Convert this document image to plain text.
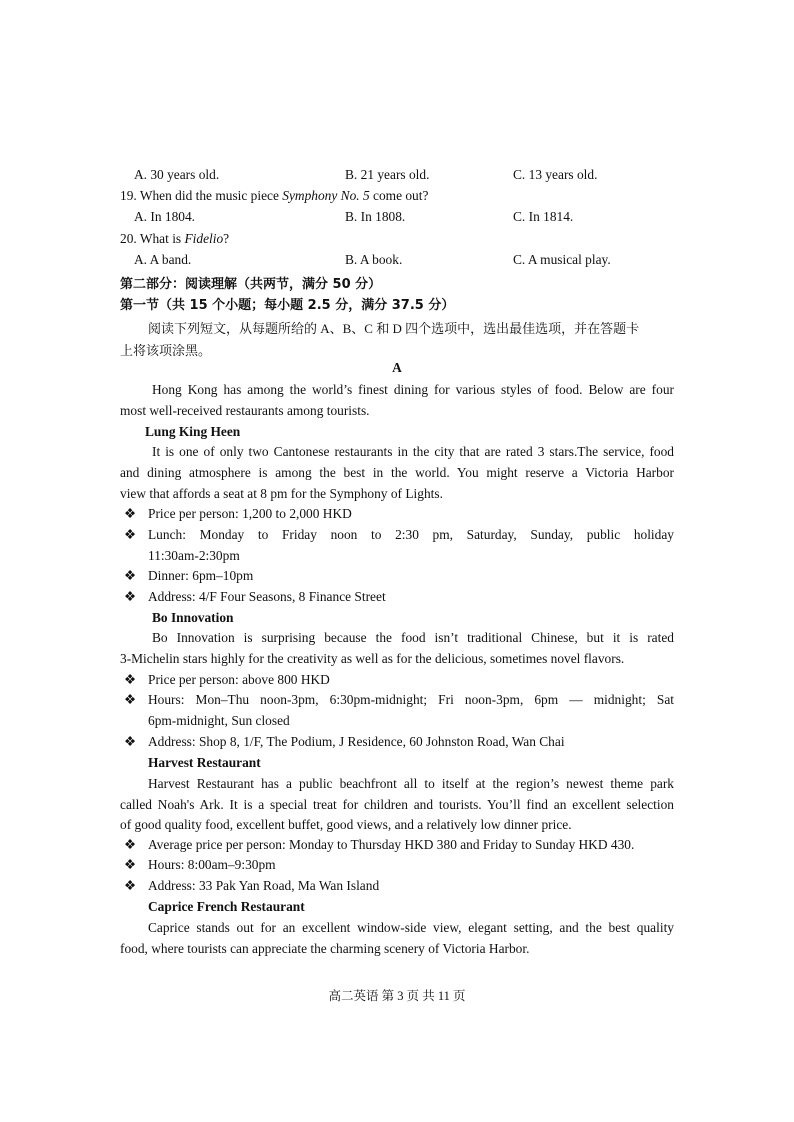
A. 30 years old.	B. 21 years old.	C. 13 years old.
19. When did the music piece Symphony No. 5 come out?
A. In 1804.	B. In 1808.	C. In 1814.
20. What is Fidelio?
A. A band.	B. A book.	C. A musical play.
第二部分：阅读理解（共两节，满分 50 分）
第一节（共 15 个小题；每小题 2.5 分，满分 37.5 分）
阅读下列短文，从每题所给的 A、B、C 和 D 四个选项中，选出最佳选项，并在答题卡
上将该项涂黑。
A
Hong Kong has among the world’s finest dining for various styles of food. Below are four
most well-received restaurants among tourists.
Lung King Heen
It is one of only two Cantonese restaurants in the city that are rated 3 stars.The service, food
and dining atmosphere is among the best in the world. You might reserve a Victoria Harbor
view that affords a seat at 8 pm for the Symphony of Lights.
❖ Price per person: 1,200 to 2,000 HKD
❖ Lunch: Monday to Friday noon to 2:30 pm, Saturday, Sunday, public holiday
11:30am-2:30pm
❖ Dinner: 6pm–10pm
❖ Address: 4/F Four Seasons, 8 Finance Street
Bo Innovation
Bo Innovation is surprising because the food isn’t traditional Chinese, but it is rated
3-Michelin stars highly for the creativity as well as for the delicious, sometimes novel flavors.
❖ Price per person: above 800 HKD
❖ Hours: Mon–Thu noon-3pm, 6:30pm-midnight; Fri noon-3pm, 6pm — midnight; Sat
6pm-midnight, Sun closed
❖ Address: Shop 8, 1/F, The Podium, J Residence, 60 Johnston Road, Wan Chai
Harvest Restaurant
Harvest Restaurant has a public beachfront all to itself at the region’s newest theme park
called Noah's Ark. It is a special treat for children and tourists. You’ll find an excellent selection
of good quality food, excellent buffet, good views, and a relatively low dinner price.
❖ Average price per person: Monday to Thursday HKD 380 and Friday to Sunday HKD 430.
❖ Hours: 8:00am–9:30pm
❖ Address: 33 Pak Yan Road, Ma Wan Island
Caprice French Restaurant
Caprice stands out for an excellent window-side view, elegant setting, and the best quality
food, where tourists can appreciate the charming scenery of Victoria Harbor.
高二英语 第 3 页 共 11 页
